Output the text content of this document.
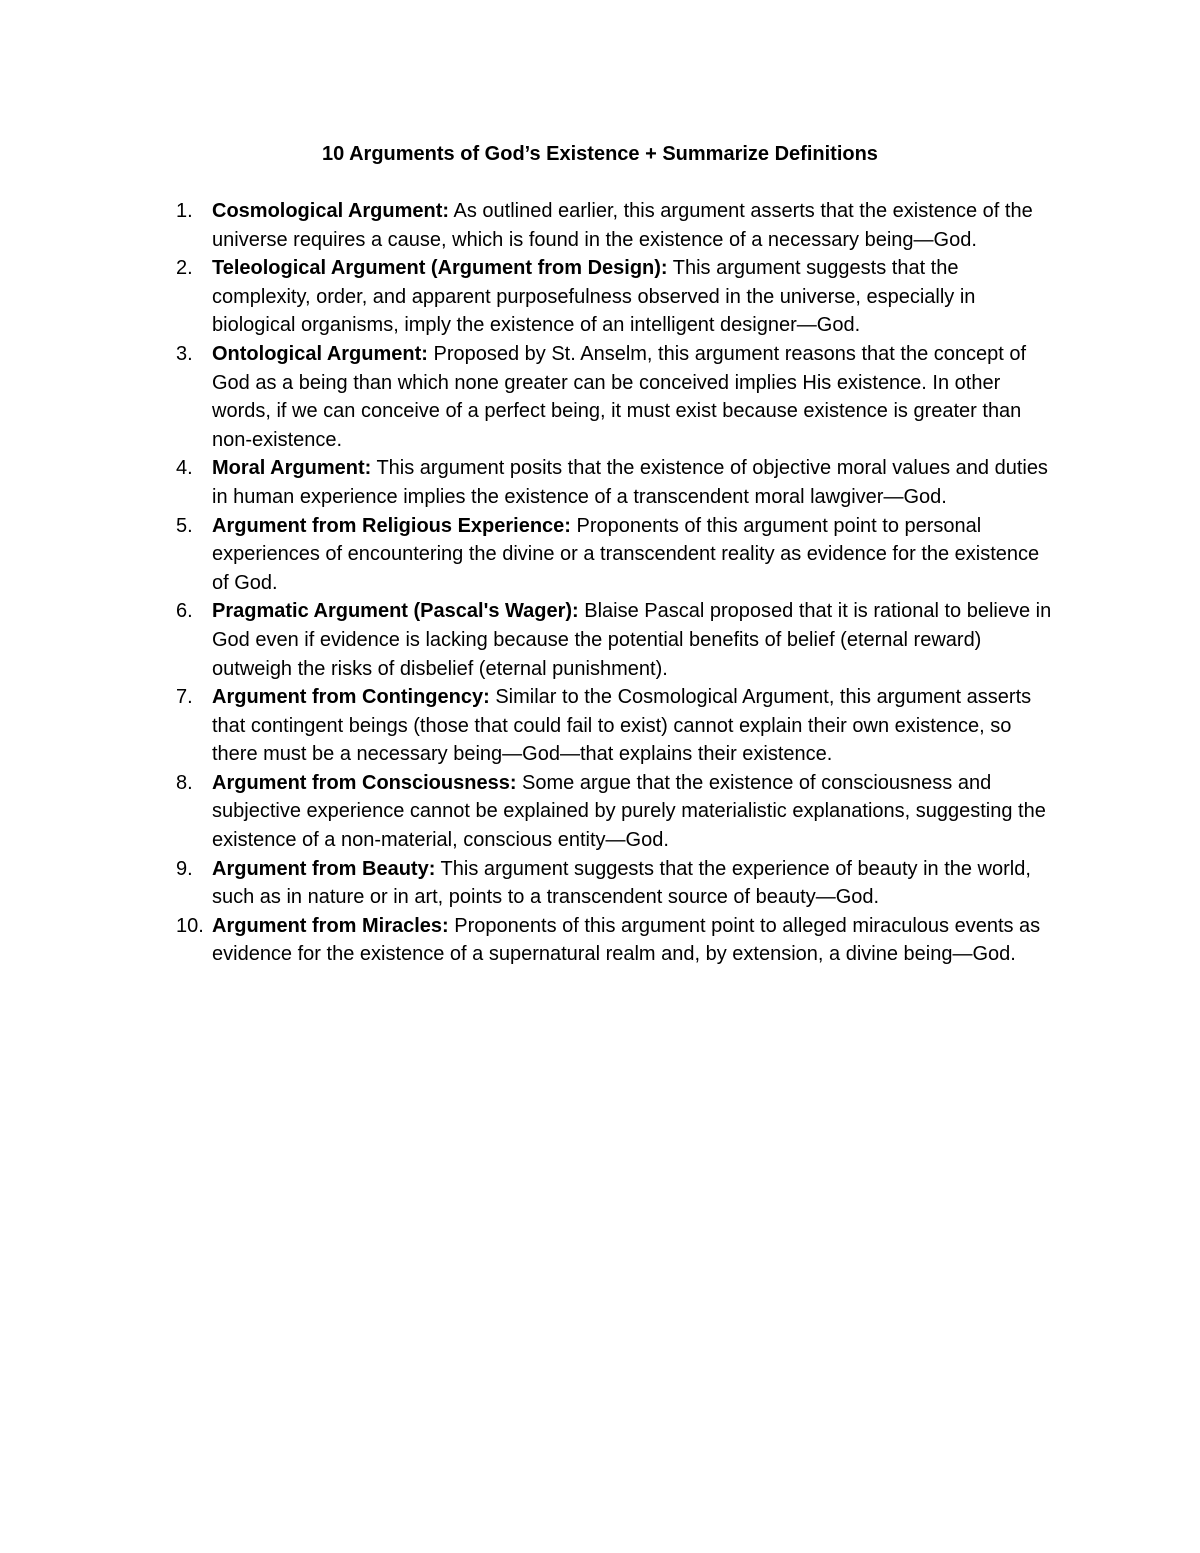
10 Arguments of God’s Existence + Summarize Definitions
1. Cosmological Argument: As outlined earlier, this argument asserts that the existence of the universe requires a cause, which is found in the existence of a necessary being—God.
2. Teleological Argument (Argument from Design): This argument suggests that the complexity, order, and apparent purposefulness observed in the universe, especially in biological organisms, imply the existence of an intelligent designer—God.
3. Ontological Argument: Proposed by St. Anselm, this argument reasons that the concept of God as a being than which none greater can be conceived implies His existence. In other words, if we can conceive of a perfect being, it must exist because existence is greater than non-existence.
4. Moral Argument: This argument posits that the existence of objective moral values and duties in human experience implies the existence of a transcendent moral lawgiver—God.
5. Argument from Religious Experience: Proponents of this argument point to personal experiences of encountering the divine or a transcendent reality as evidence for the existence of God.
6. Pragmatic Argument (Pascal's Wager): Blaise Pascal proposed that it is rational to believe in God even if evidence is lacking because the potential benefits of belief (eternal reward) outweigh the risks of disbelief (eternal punishment).
7. Argument from Contingency: Similar to the Cosmological Argument, this argument asserts that contingent beings (those that could fail to exist) cannot explain their own existence, so there must be a necessary being—God—that explains their existence.
8. Argument from Consciousness: Some argue that the existence of consciousness and subjective experience cannot be explained by purely materialistic explanations, suggesting the existence of a non-material, conscious entity—God.
9. Argument from Beauty: This argument suggests that the experience of beauty in the world, such as in nature or in art, points to a transcendent source of beauty—God.
10. Argument from Miracles: Proponents of this argument point to alleged miraculous events as evidence for the existence of a supernatural realm and, by extension, a divine being—God.
